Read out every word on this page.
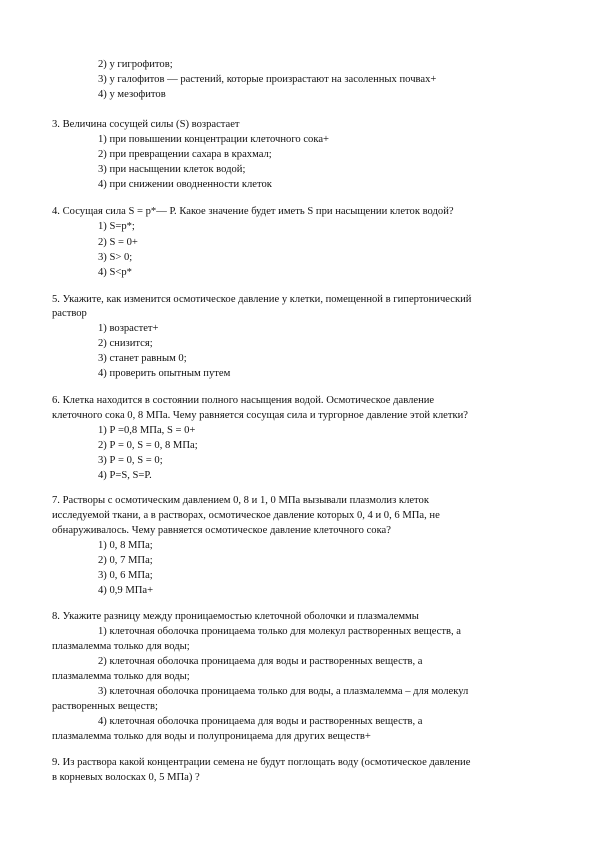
2) у гигрофитов;
3) у галофитов — растений, которые произрастают на засоленных почвах+
4) у мезофитов
3. Величина сосущей силы (S) возрастает
1) при повышении концентрации клеточного сока+
2) при превращении сахара в крахмал;
3) при насыщении клеток водой;
4) при снижении оводненности клеток
4. Сосущая сила S = р*— Р. Какое значение будет иметь S при насыщении клеток водой?
1) S=p*;
2) S = 0+
3) S> 0;
4) S<p*
5. Укажите, как изменится осмотическое давление у клетки, помещенной в гипертонический
раствор
1) возрастет+
2) снизится;
3) станет равным 0;
4) проверить опытным путем
6. Клетка находится в состоянии полного насыщения водой. Осмотическое давление
клеточного сока 0, 8 МПа. Чему равняется сосущая сила и тургорное давление этой клетки?
1) Р =0,8 МПа, S = 0+
2) Р = 0, S = 0, 8 МПа;
3) Р = 0, S = 0;
4) P=S, S=P.
7. Растворы с осмотическим давлением 0, 8 и 1, 0 МПа вызывали плазмолиз клеток
исследуемой ткани, а в растворах, осмотическое давление которых 0, 4 и 0, 6 МПа, не
обнаруживалось. Чему равняется осмотическое давление клеточного сока?
1) 0, 8 МПа;
2) 0, 7 МПа;
3) 0, 6 МПа;
4) 0,9 МПа+
8. Укажите разницу между проницаемостью клеточной оболочки и плазмалеммы
1) клеточная оболочка проницаема только для молекул растворенных веществ, а
плазмалемма только для воды;
2) клеточная оболочка проницаема для воды и растворенных веществ, а
плазмалемма только для воды;
3) клеточная оболочка проницаема только для воды, а плазмалемма – для молекул
растворенных веществ;
4) клеточная оболочка проницаема для воды и растворенных веществ, а
плазмалемма только для воды и полупроницаема для других веществ+
9. Из раствора какой концентрации семена не будут поглощать воду (осмотическое давление
в корневых волосках 0, 5 МПа) ?
